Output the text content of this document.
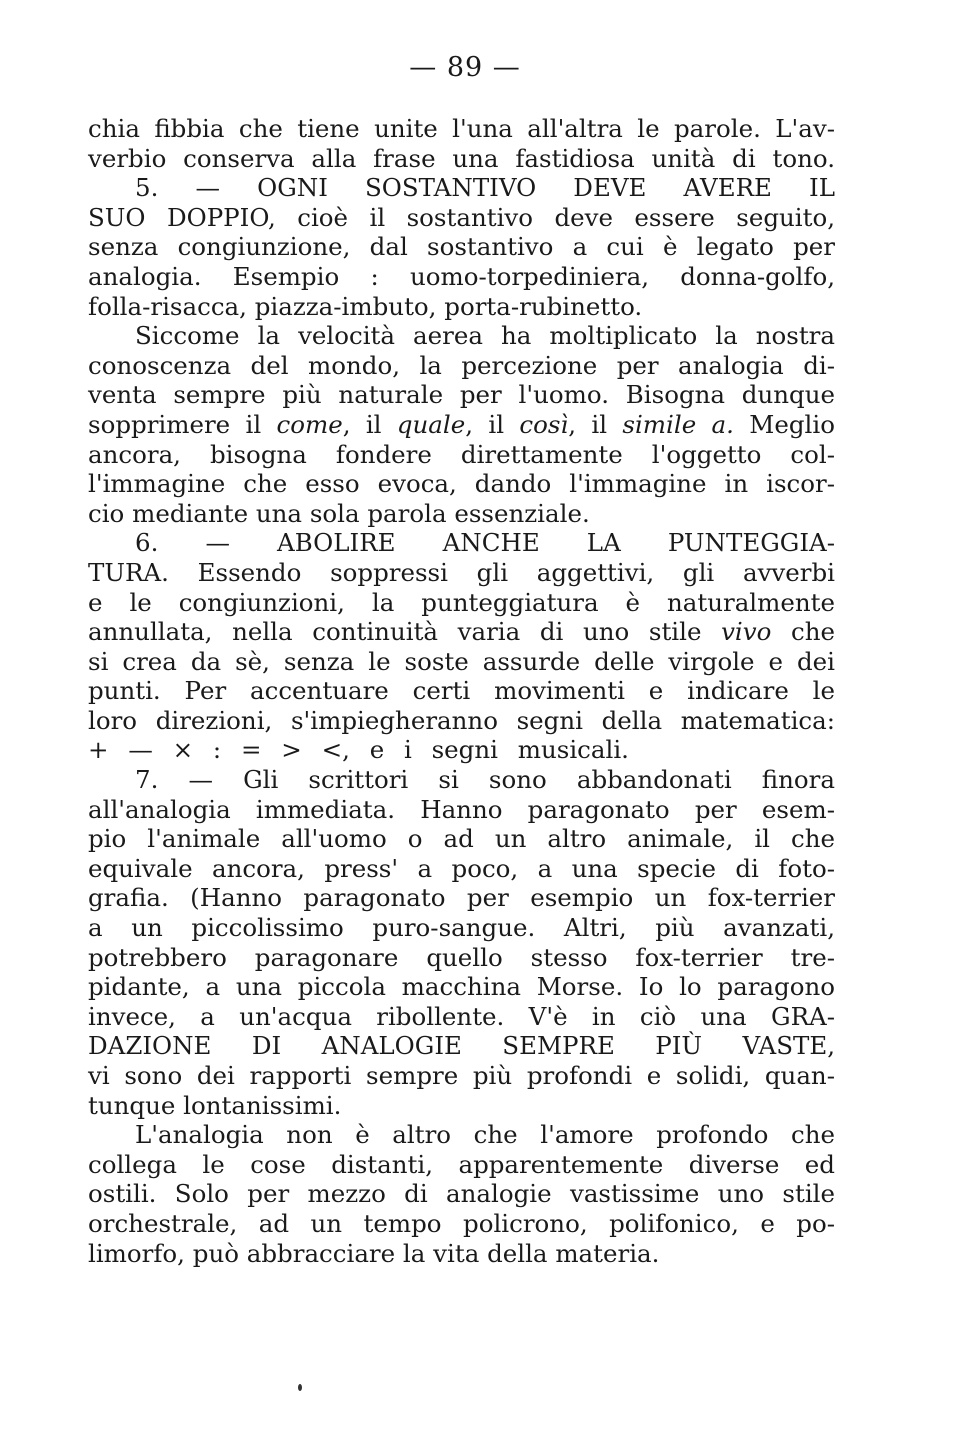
— 89 —
chia fibbia che tiene unite l'una all'altra le parole. L'av-
verbio conserva alla frase una fastidiosa unità di tono.
5. — OGNI SOSTANTIVO DEVE AVERE IL
SUO DOPPIO, cioè il sostantivo deve essere seguito,
senza congiunzione, dal sostantivo a cui è legato per
analogia. Esempio : uomo-torpediniera, donna-golfo,
folla-risacca, piazza-imbuto, porta-rubinetto.
Siccome la velocità aerea ha moltiplicato la nostra
conoscenza del mondo, la percezione per analogia di-
venta sempre più naturale per l'uomo. Bisogna dunque
sopprimere il come, il quale, il così, il simile a. Meglio
ancora, bisogna fondere direttamente l'oggetto col-
l'immagine che esso evoca, dando l'immagine in iscor-
cio mediante una sola parola essenziale.
6. — ABOLIRE ANCHE LA PUNTEGGIA-
TURA. Essendo soppressi gli aggettivi, gli avverbi
e le congiunzioni, la punteggiatura è naturalmente
annullata, nella continuità varia di uno stile vivo che
si crea da sè, senza le soste assurde delle virgole e dei
punti. Per accentuare certi movimenti e indicare le
loro direzioni, s'impiegheranno segni della matematica:
+ — × : = > <, e i segni musicali.
7. — Gli scrittori si sono abbandonati finora
all'analogia immediata. Hanno paragonato per esem-
pio l'animale all'uomo o ad un altro animale, il che
equivale ancora, press' a poco, a una specie di foto-
grafia. (Hanno paragonato per esempio un fox-terrier
a un piccolissimo puro-sangue. Altri, più avanzati,
potrebbero paragonare quello stesso fox-terrier tre-
pidante, a una piccola macchina Morse. Io lo paragono
invece, a un'acqua ribollente. V'è in ciò una GRA-
DAZIONE DI ANALOGIE SEMPRE PIÙ VASTE,
vi sono dei rapporti sempre più profondi e solidi, quan-
tunque lontanissimi.
L'analogia non è altro che l'amore profondo che
collega le cose distanti, apparentemente diverse ed
ostili. Solo per mezzo di analogie vastissime uno stile
orchestrale, ad un tempo policrono, polifonico, e po-
limorfo, può abbracciare la vita della materia.
